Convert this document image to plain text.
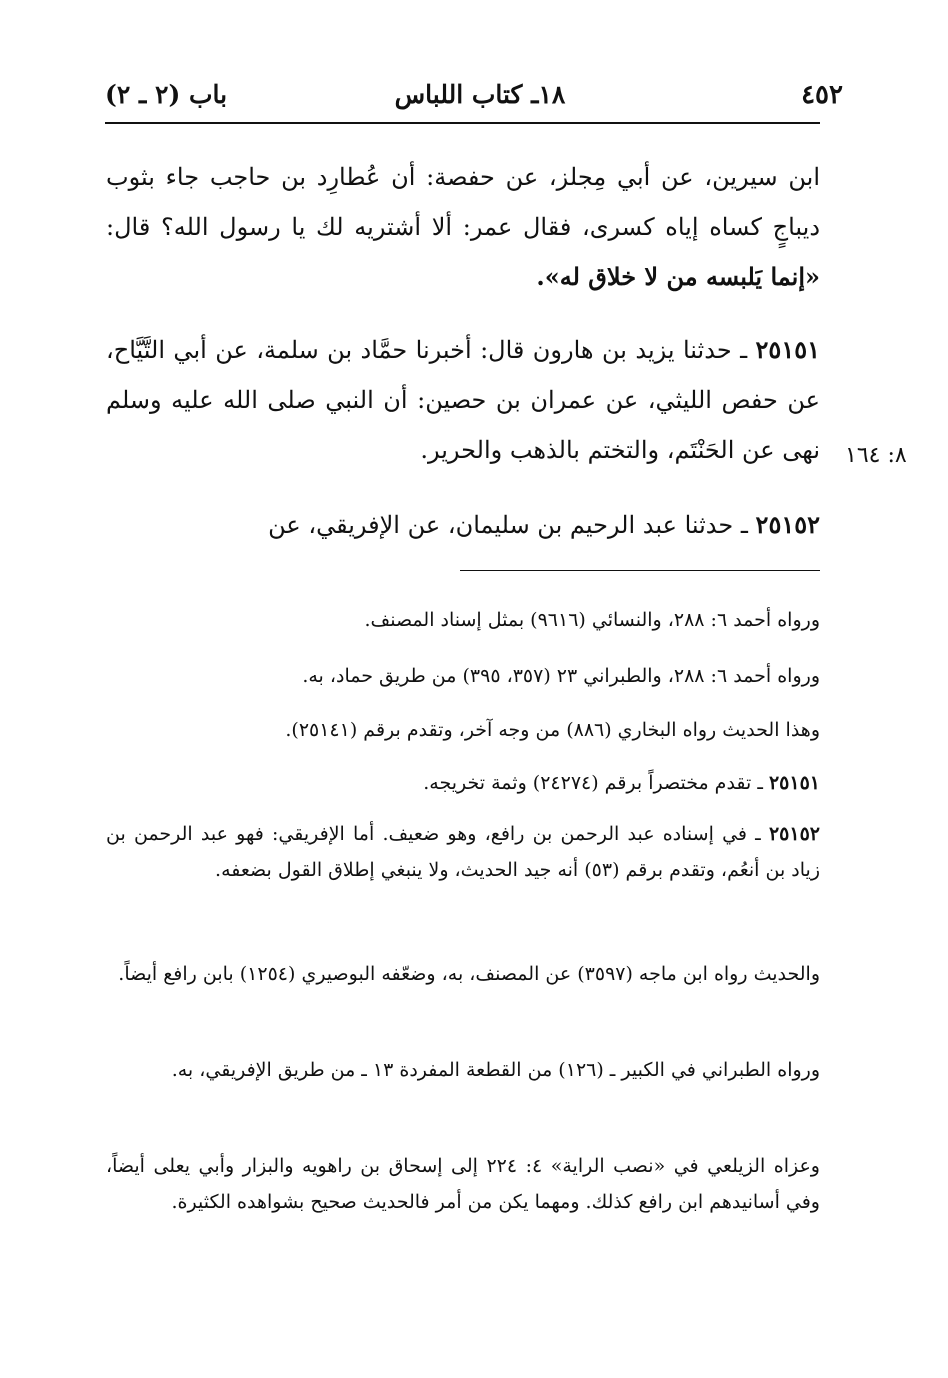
٤٥٢
١٨ـ كتاب اللباس
باب (٢ ـ ٢)
ابن سيرين، عن أبي مِجلز، عن حفصة: أن عُطارِد بن حاجب جاء بثوب ديباجٍ كساه إياه كسرى، فقال عمر: ألا أشتريه لك يا رسول الله؟ قال: «إنما يَلبسه من لا خلاق له».
٢٥١٥١ ـ حدثنا يزيد بن هارون قال: أخبرنا حمَّاد بن سلمة، عن أبي التَّيَّاح، عن حفص الليثي، عن عمران بن حصين: أن النبي صلى الله عليه وسلم نهى عن الحَنْتَم، والتختم بالذهب والحرير. ٨: ١٦٤
٢٥١٥٢ ـ حدثنا عبد الرحيم بن سليمان، عن الإفريقي، عن
ورواه أحمد ٦: ٢٨٨، والنسائي (٩٦١٦) بمثل إسناد المصنف.
ورواه أحمد ٦: ٢٨٨، والطبراني ٢٣ (٣٥٧، ٣٩٥) من طريق حماد، به.
وهذا الحديث رواه البخاري (٨٨٦) من وجه آخر، وتقدم برقم (٢٥١٤١).
٢٥١٥١ ـ تقدم مختصراً برقم (٢٤٢٧٤) وثمة تخريجه.
٢٥١٥٢ ـ في إسناده عبد الرحمن بن رافع، وهو ضعيف. أما الإفريقي: فهو عبد الرحمن بن زياد بن أنعُم، وتقدم برقم (٥٣) أنه جيد الحديث، ولا ينبغي إطلاق القول بضعفه.
والحديث رواه ابن ماجه (٣٥٩٧) عن المصنف، به، وضعّفه البوصيري (١٢٥٤) بابن رافع أيضاً.
ورواه الطبراني في الكبير ـ (١٢٦) من القطعة المفردة ١٣ ـ من طريق الإفريقي، به.
وعزاه الزيلعي في «نصب الراية» ٤: ٢٢٤ إلى إسحاق بن راهويه والبزار وأبي يعلى أيضاً، وفي أسانيدهم ابن رافع كذلك. ومهما يكن من أمر فالحديث صحيح بشواهده الكثيرة.
